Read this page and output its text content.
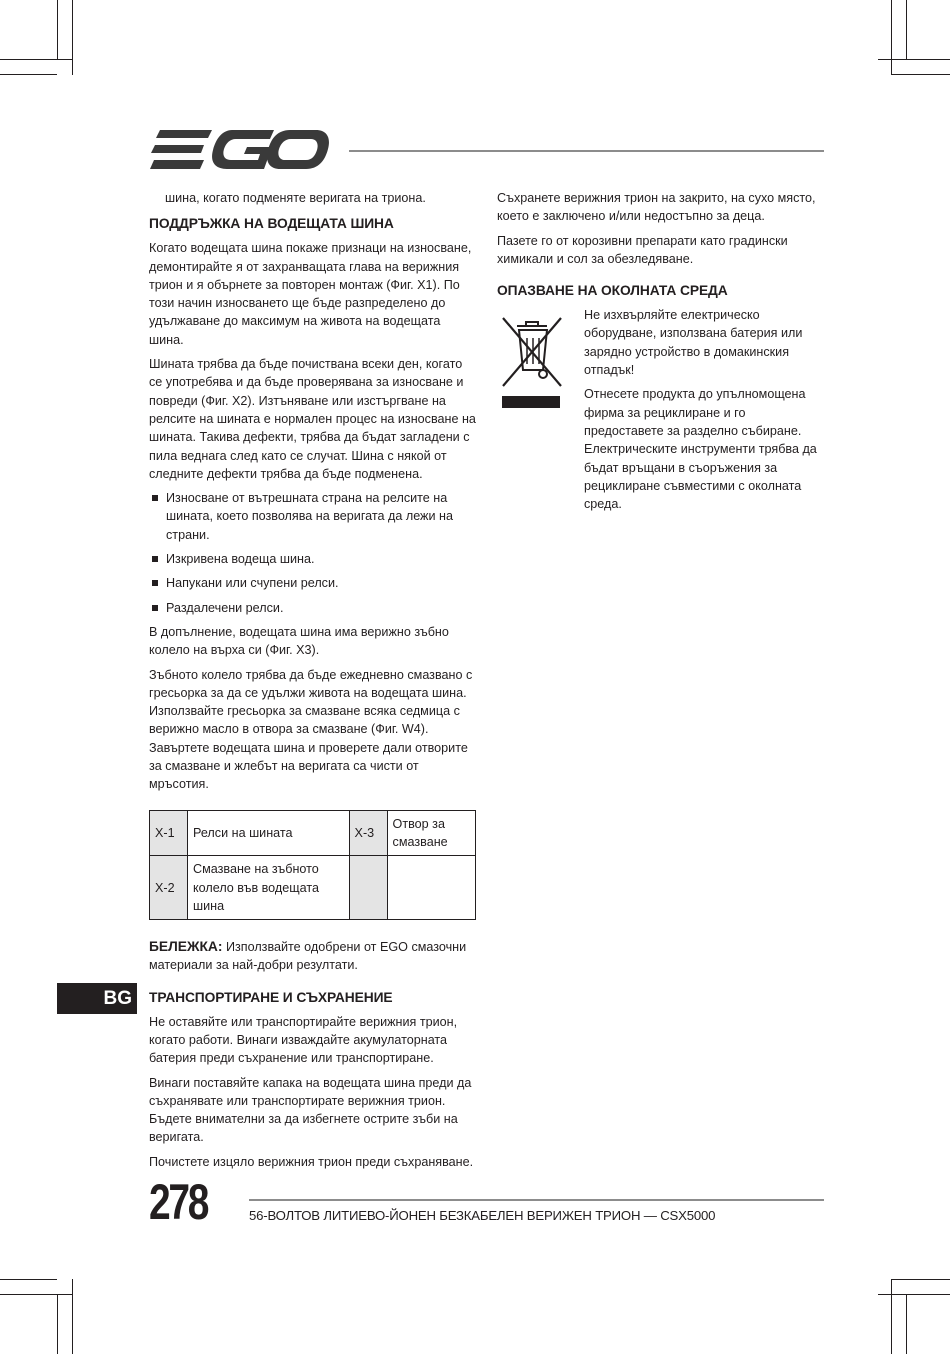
шина, когато подменяте веригата на триона.

ПОДДРЪЖКА НА ВОДЕЩАТА ШИНА

Когато водещата шина покаже признаци на износване, демонтирайте я от захранващата глава на верижния трион и я обърнете за повторен монтаж (Фиг. X1). По този начин износването ще бъде разпределено до удължаване до максимум на живота на водещата шина.

Шината трябва да бъде почиствана всеки ден, когато се употребява и да бъде проверявана за износване и повреди (Фиг. X2). Изтъняване или изстъргване на релсите на шината е нормален процес на износване на шината. Такива дефекти, трябва да бъдат загладени с пила веднага след като се случат. Шина с някой от следните дефекти трябва да бъде подменена.

Износване от вътрешната страна на релсите на шината, което позволява на веригата да лежи на страни.
Изкривена водеща шина.
Напукани или счупени релси.
Раздалечени релси.

В допълнение, водещата шина има верижно зъбно колело на върха си (Фиг. X3).

Зъбното колело трябва да бъде ежедневно смазвано с гресьорка за да се удължи живота на водещата шина. Използвайте гресьорка за смазване всяка седмица с верижно масло в отвора за смазване (Фиг. W4). Завъртете водещата шина и проверете дали отворите за смазване и жлебът на веригата са чисти от мръсотия.

X-1	Релси на шината	X-3	Отвор за смазване
X-2	Смазване на зъбното колело във водещата шина		

БЕЛЕЖКА: Използвайте одобрени от EGO смазочни материали за най-добри резултати.

ТРАНСПОРТИРАНЕ И СЪХРАНЕНИЕ

Не оставяйте или транспортирайте верижния трион, когато работи. Винаги изваждайте акумулаторната батерия преди съхранение или транспортиране.

Винаги поставяйте капака на водещата шина преди да съхранявате или транспортирате верижния трион. Бъдете внимателни за да избегнете острите зъби на веригата.

Почистете изцяло верижния трион преди съхраняване.

Съхранете верижния трион на закрито, на сухо място, което е заключено и/или недостъпно за деца.

Пазете го от корозивни препарати като градински химикали и сол за обезледяване.

ОПАЗВАНЕ НА ОКОЛНАТА СРЕДА

Не изхвърляйте електрическо оборудване, използвана батерия или зарядно устройство в домакинския отпадък!

Отнесете продукта до упълномощена фирма за рециклиране и го предоставете за разделно събиране. Електрическите инструменти трябва да бъдат връщани в съоръжения за рециклиране съвместими с околната среда.

BG
278	56-ВОЛТОВ ЛИТИЕВО-ЙОНЕН БЕЗКАБЕЛЕН ВЕРИЖЕН ТРИОН — CSX5000
